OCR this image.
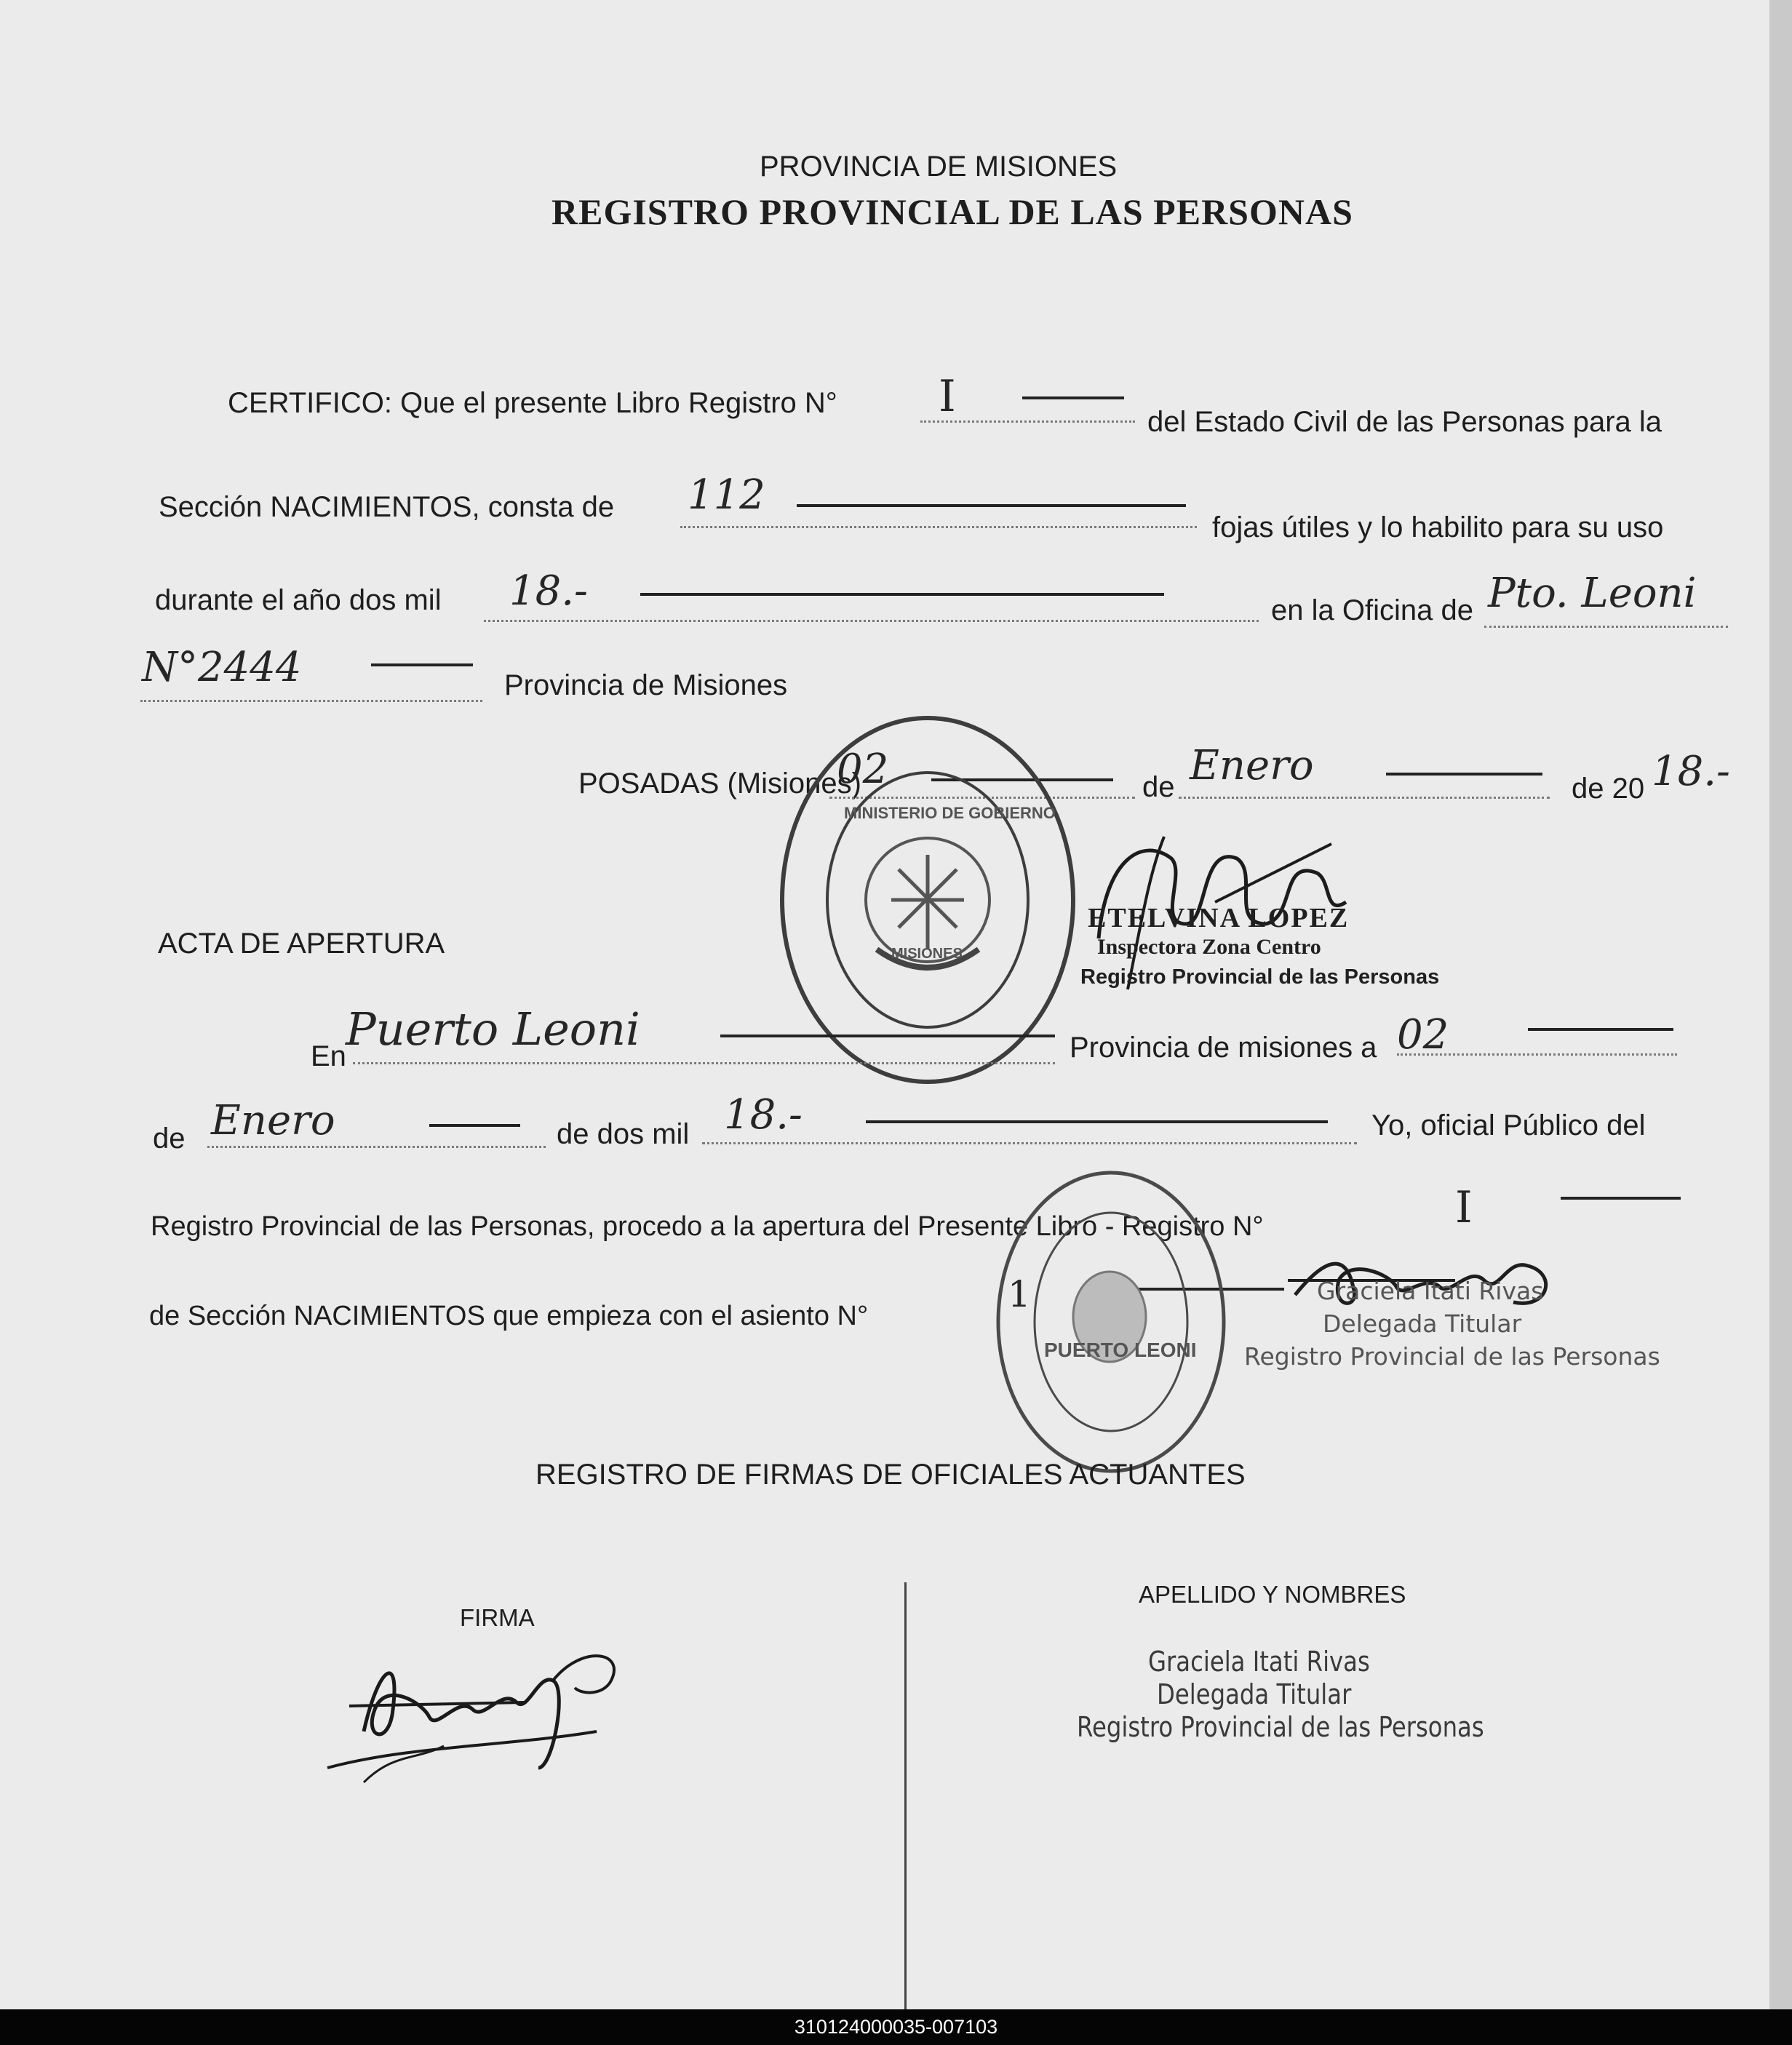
PROVINCIA DE MISIONES
REGISTRO PROVINCIAL DE LAS PERSONAS
CERTIFICO: Que el presente Libro Registro N° I	del Estado Civil de las Personas para la
Sección NACIMIENTOS, consta de 112
fojas útiles y lo habilito para su uso
durante el año dos mil 18.-	en la Oficina de Pto. Leoni
N°2444	Provincia de Misiones
POSADAS (Misiones)
02	de Enero	de 20 18.-
MINISTERIO DE GOBIERNO
MISIONES
ETELVINA LOPEZ
Inspectora Zona Centro
Registro Provincial de las Personas
ACTA DE APERTURA
En
Puerto Leoni	Provincia de misiones a 02
de Enero	de dos mil 18.-	Yo, oficial Público del
Registro Provincial de las Personas, procedo a la apertura del Presente Libro - Registro N°	I
de Sección NACIMIENTOS que empieza con el asiento N°
1
PUERTO LEONI
Graciela Itati Rivas
Delegada Titular
Registro Provincial de las Personas
REGISTRO DE FIRMAS DE OFICIALES ACTUANTES
FIRMA
APELLIDO Y NOMBRES
Graciela Itati Rivas
Delegada Titular
Registro Provincial de las Personas
310124000035-007103
